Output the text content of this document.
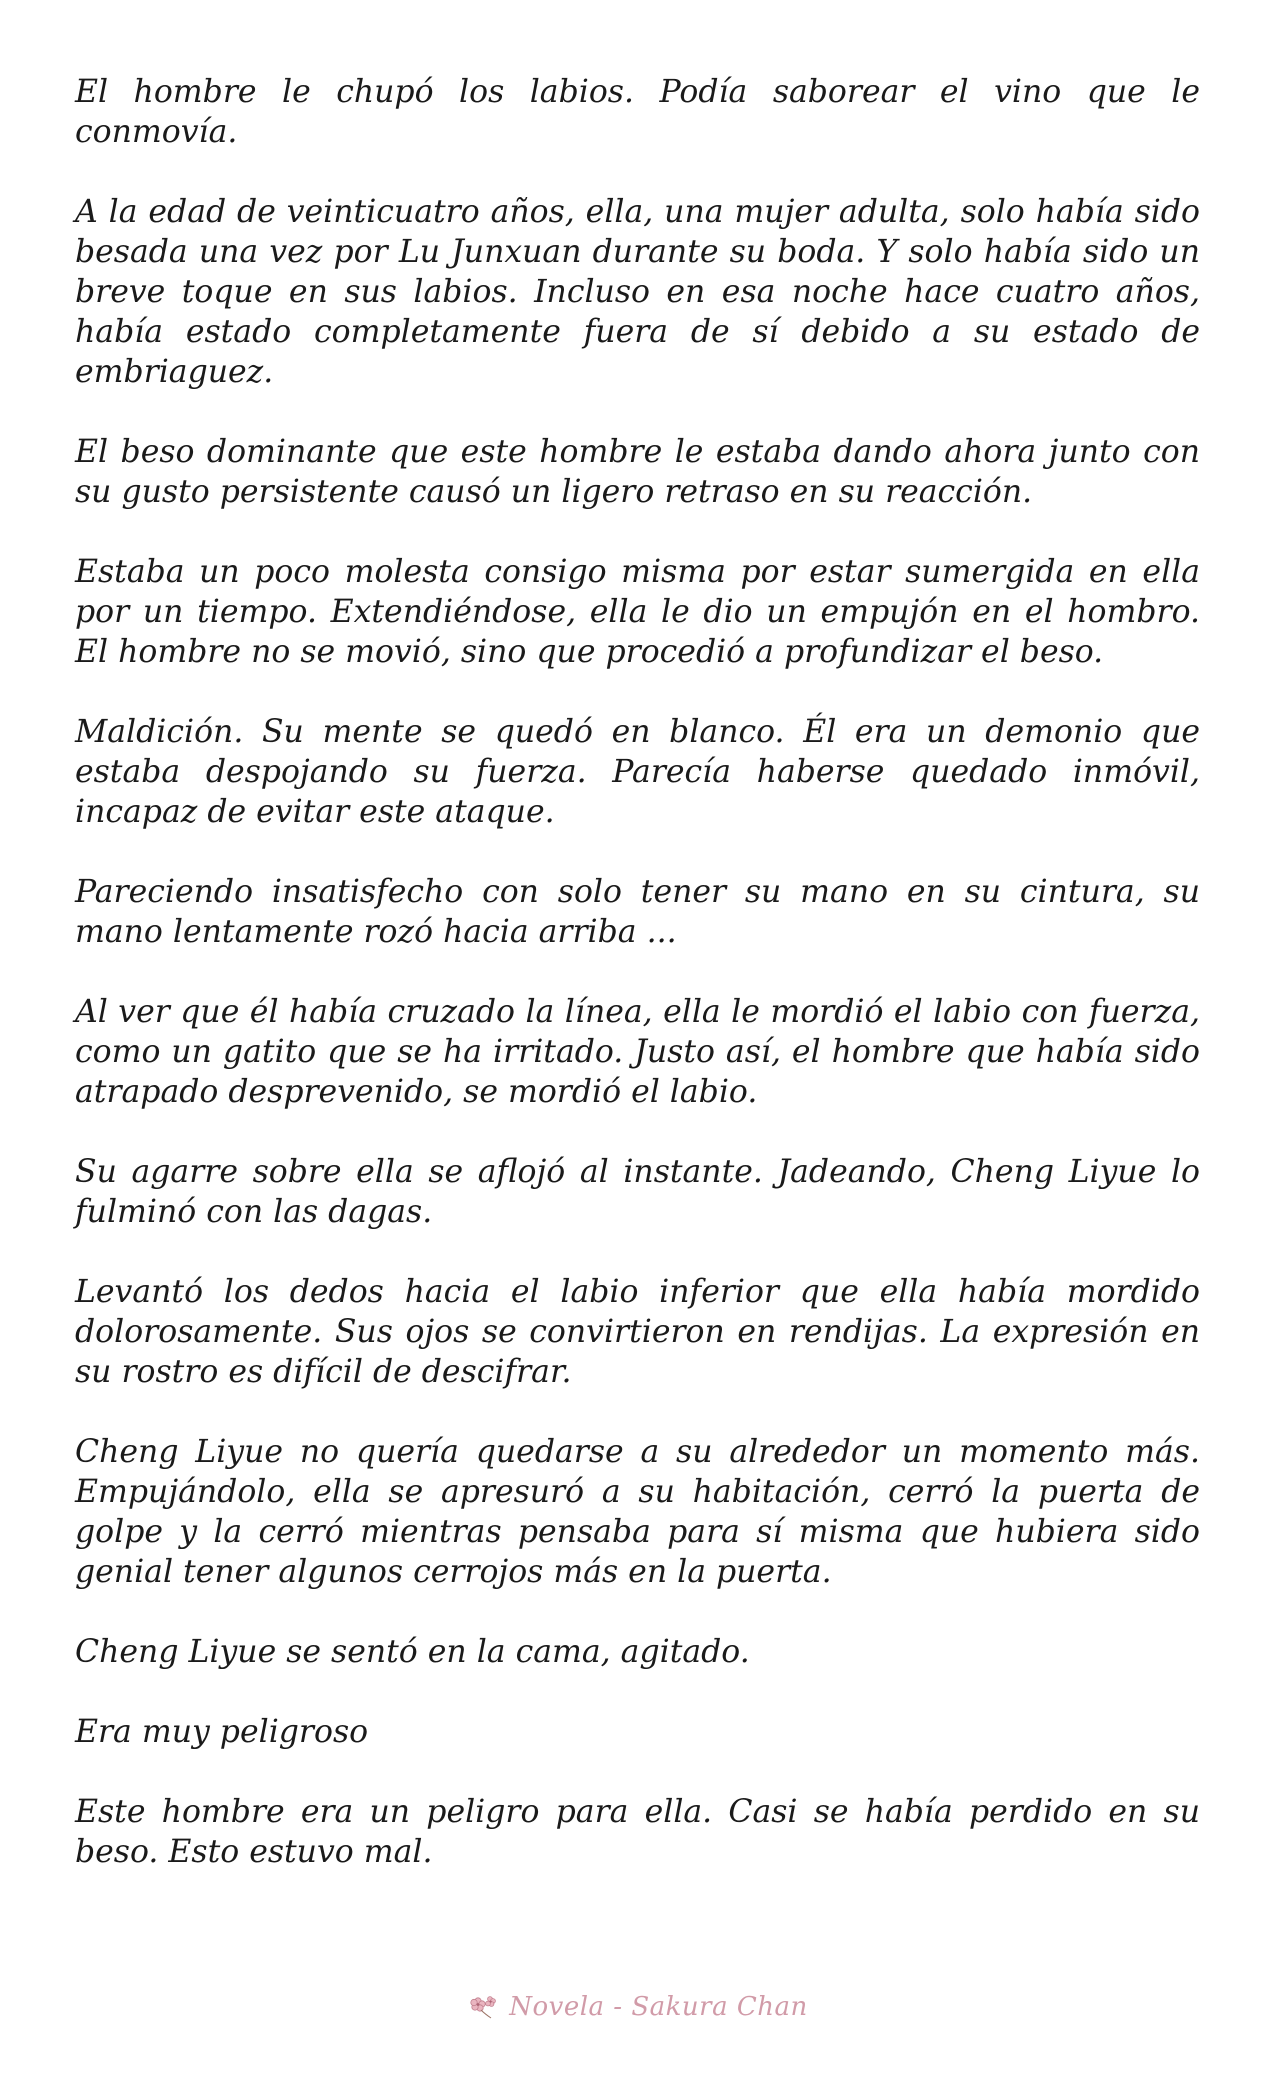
El hombre le chupó los labios. Podía saborear el vino que le conmovía.

A la edad de veinticuatro años, ella, una mujer adulta, solo había sido besada una vez por Lu Junxuan durante su boda. Y solo había sido un breve toque en sus labios. Incluso en esa noche hace cuatro años, había estado completamente fuera de sí debido a su estado de embriaguez.

El beso dominante que este hombre le estaba dando ahora junto con su gusto persistente causó un ligero retraso en su reacción.

Estaba un poco molesta consigo misma por estar sumergida en ella por un tiempo. Extendiéndose, ella le dio un empujón en el hombro. El hombre no se movió, sino que procedió a profundizar el beso.

Maldición. Su mente se quedó en blanco. Él era un demonio que estaba despojando su fuerza. Parecía haberse quedado inmóvil, incapaz de evitar este ataque.

Pareciendo insatisfecho con solo tener su mano en su cintura, su mano lentamente rozó hacia arriba ...

Al ver que él había cruzado la línea, ella le mordió el labio con fuerza, como un gatito que se ha irritado. Justo así, el hombre que había sido atrapado desprevenido, se mordió el labio.

Su agarre sobre ella se aflojó al instante. Jadeando, Cheng Liyue lo fulminó con las dagas.

Levantó los dedos hacia el labio inferior que ella había mordido dolorosamente. Sus ojos se convirtieron en rendijas. La expresión en su rostro es difícil de descifrar.

Cheng Liyue no quería quedarse a su alrededor un momento más. Empujándolo, ella se apresuró a su habitación, cerró la puerta de golpe y la cerró mientras pensaba para sí misma que hubiera sido genial tener algunos cerrojos más en la puerta.

Cheng Liyue se sentó en la cama, agitado.

Era muy peligroso

Este hombre era un peligro para ella. Casi se había perdido en su beso. Esto estuvo mal.

Novela - Sakura Chan
